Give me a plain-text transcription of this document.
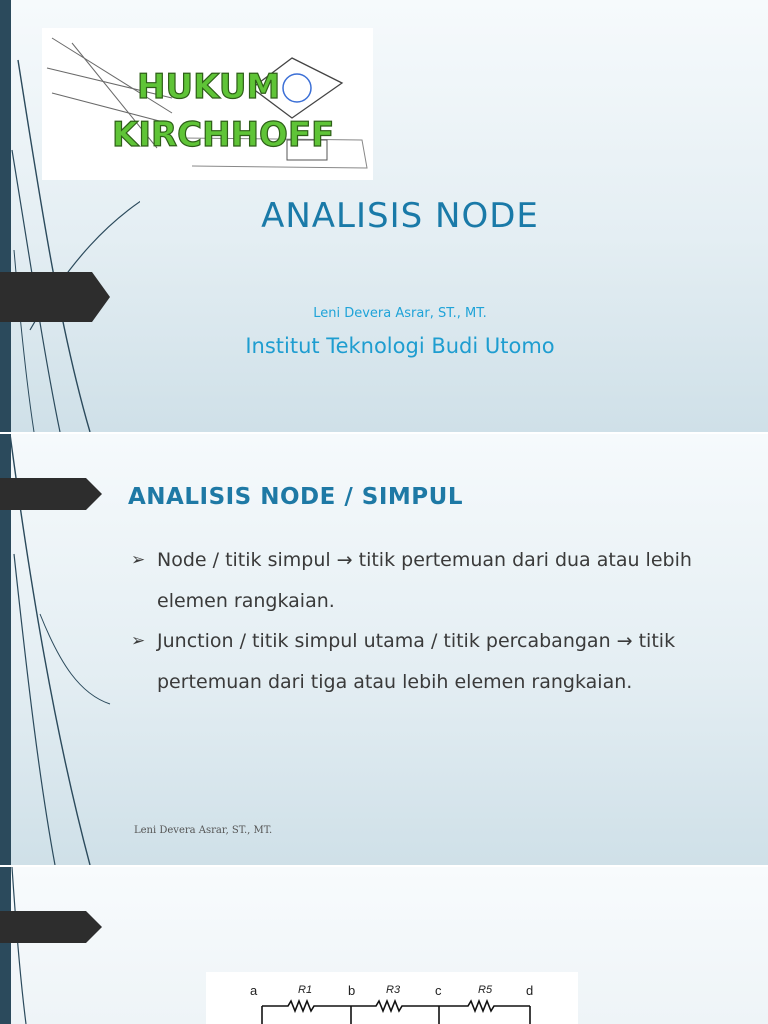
HUKUM
KIRCHHOFF
ANALISIS NODE
Leni Devera Asrar, ST., MT.
Institut Teknologi Budi Utomo
ANALISIS NODE / SIMPUL
➢ Node / titik simpul → titik pertemuan dari dua atau lebih elemen rangkaian.
➢ Junction / titik simpul utama / titik percabangan → titik pertemuan dari tiga atau lebih elemen rangkaian.
Leni Devera Asrar, ST., MT.
a	b	c	d
R1	R3	R5
